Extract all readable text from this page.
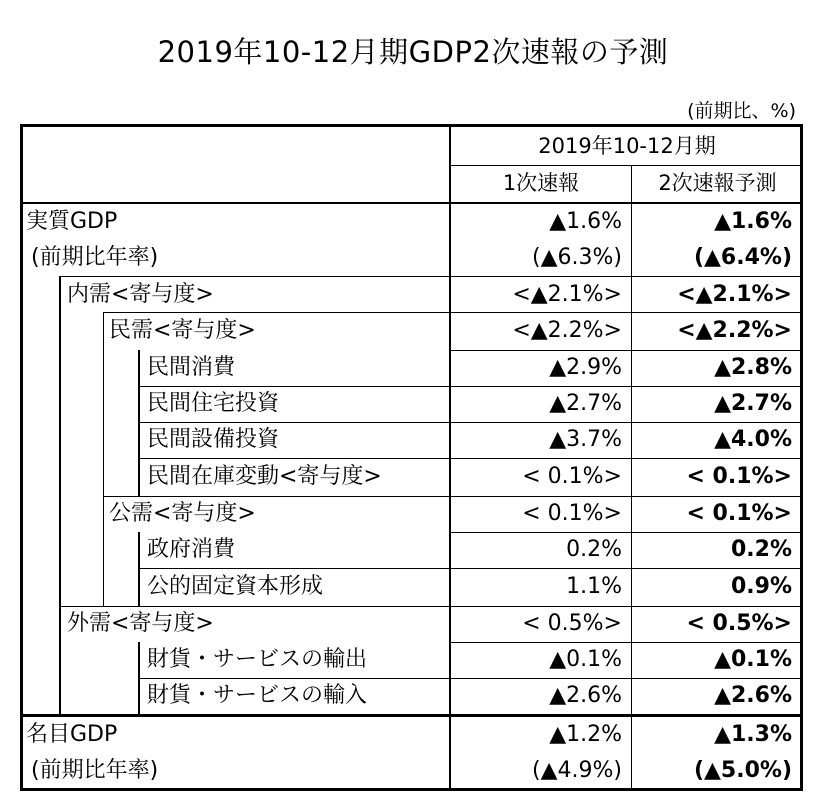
2019年10-12月期GDP2次速報の予測
(前期比、%)
2019年10-12月期
1次速報	2次速報予測
実質GDP	▲1.6%	▲1.6%
(前期比年率)	(▲6.3%)	(▲6.4%)
内需<寄与度>	<▲2.1%>	<▲2.1%>
民需<寄与度>	<▲2.2%>	<▲2.2%>
民間消費	▲2.9%	▲2.8%
民間住宅投資	▲2.7%	▲2.7%
民間設備投資	▲3.7%	▲4.0%
民間在庫変動<寄与度>	< 0.1%>	< 0.1%>
公需<寄与度>	< 0.1%>	< 0.1%>
政府消費	0.2%	0.2%
公的固定資本形成	1.1%	0.9%
外需<寄与度>	< 0.5%>	< 0.5%>
財貨・サービスの輸出	▲0.1%	▲0.1%
財貨・サービスの輸入	▲2.6%	▲2.6%
名目GDP	▲1.2%	▲1.3%
(前期比年率)	(▲4.9%)	(▲5.0%)
